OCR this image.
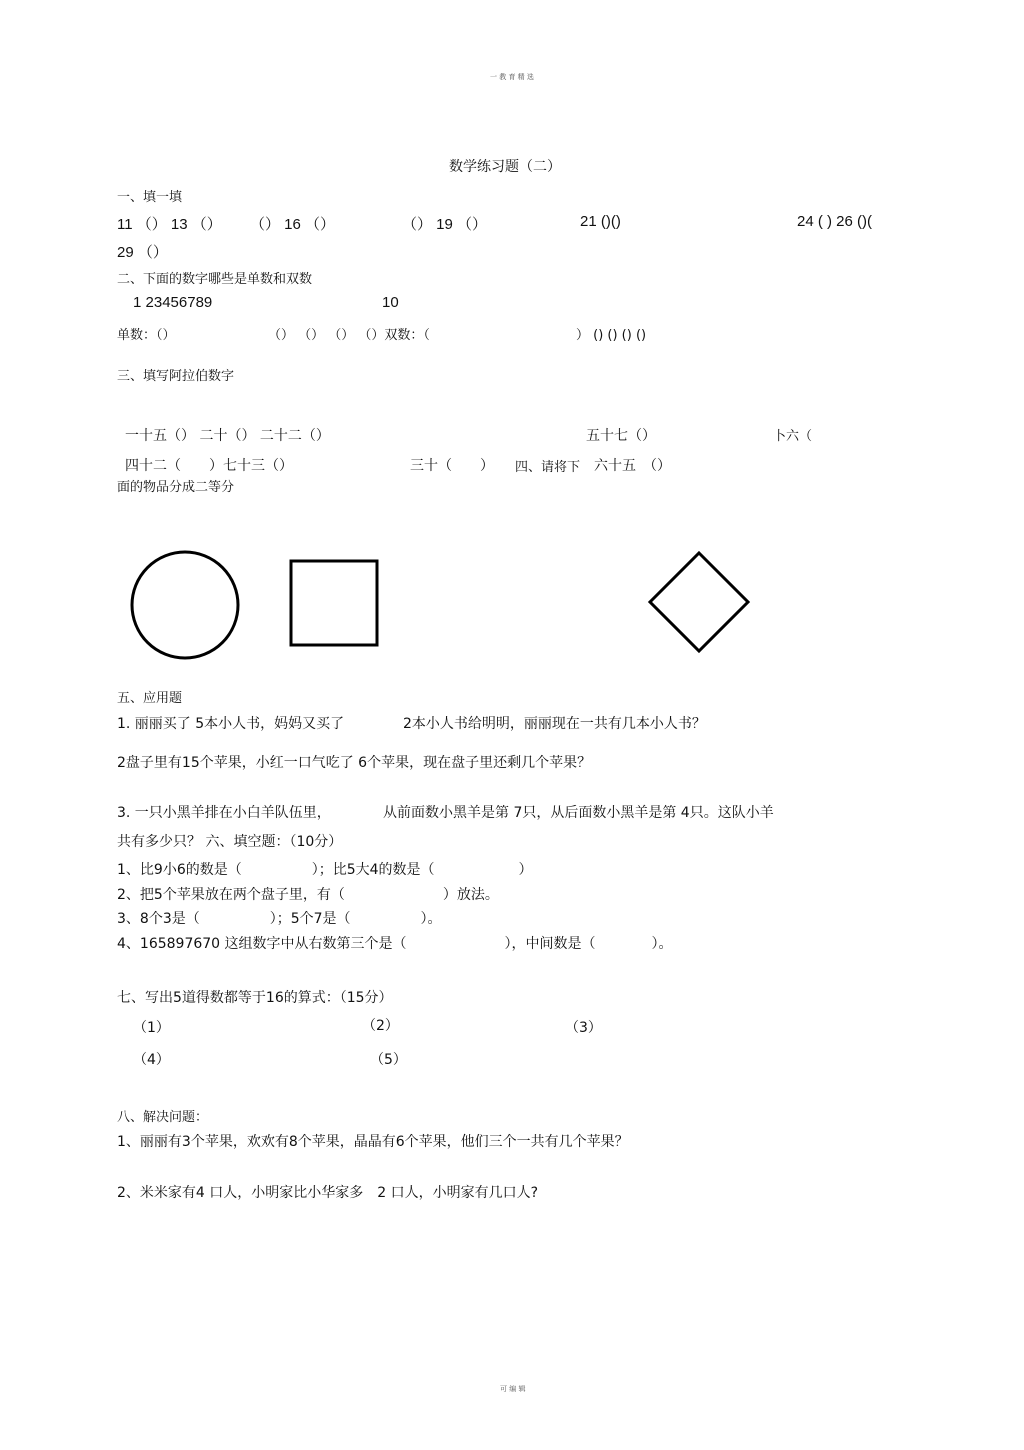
一 教 育 精 选
数学练习题（二）
一、填一填
11 （） 13 （） （） 16 （）	（） 19 （）	21 ()()	24 ( ) 26 ()(
29 （）
二、下面的数字哪些是单数和双数
1 23456789	10
单数：（）	（） （） （） （）双数：（	） () () () ()
三、填写阿拉伯数字
一十五（） 二十（） 二十二（）	五十七（）	卜六（
四十二（　　）七十三（）	三十（　　） 四、请将下 六十五　（）
面的物品分成二等分
五、应用题
1. 丽丽买了 5本小人书，妈妈又买了	2本小人书给明明，丽丽现在一共有几本小人书？
2盘子里有15个苹果，小红一口气吃了 6个苹果，现在盘子里还剩几个苹果？
3. 一只小黑羊排在小白羊队伍里，	从前面数小黑羊是第 7只，从后面数小黑羊是第 4只。这队小羊
共有多少只？ 六、填空题：（10分）
1、比9小6的数是（　　　　　）；比5大4的数是（　　　　　　）
2、把5个苹果放在两个盘子里，有（　　　　　　　）放法。
3、8个3是（　　　　　）；5个7是（　　　　　）。
4、165897670 这组数字中从右数第三个是（　　　　　　　），中间数是（　　　　）。
七、写出5道得数都等于16的算式：（15分）
（1）	（2）	（3）
（4）	（5）
八、解决问题：
1、丽丽有3个苹果，欢欢有8个苹果，晶晶有6个苹果，他们三个一共有几个苹果？
2、米米家有4 口人，小明家比小华家多　2 口人，小明家有几口人?
可 编 辑
